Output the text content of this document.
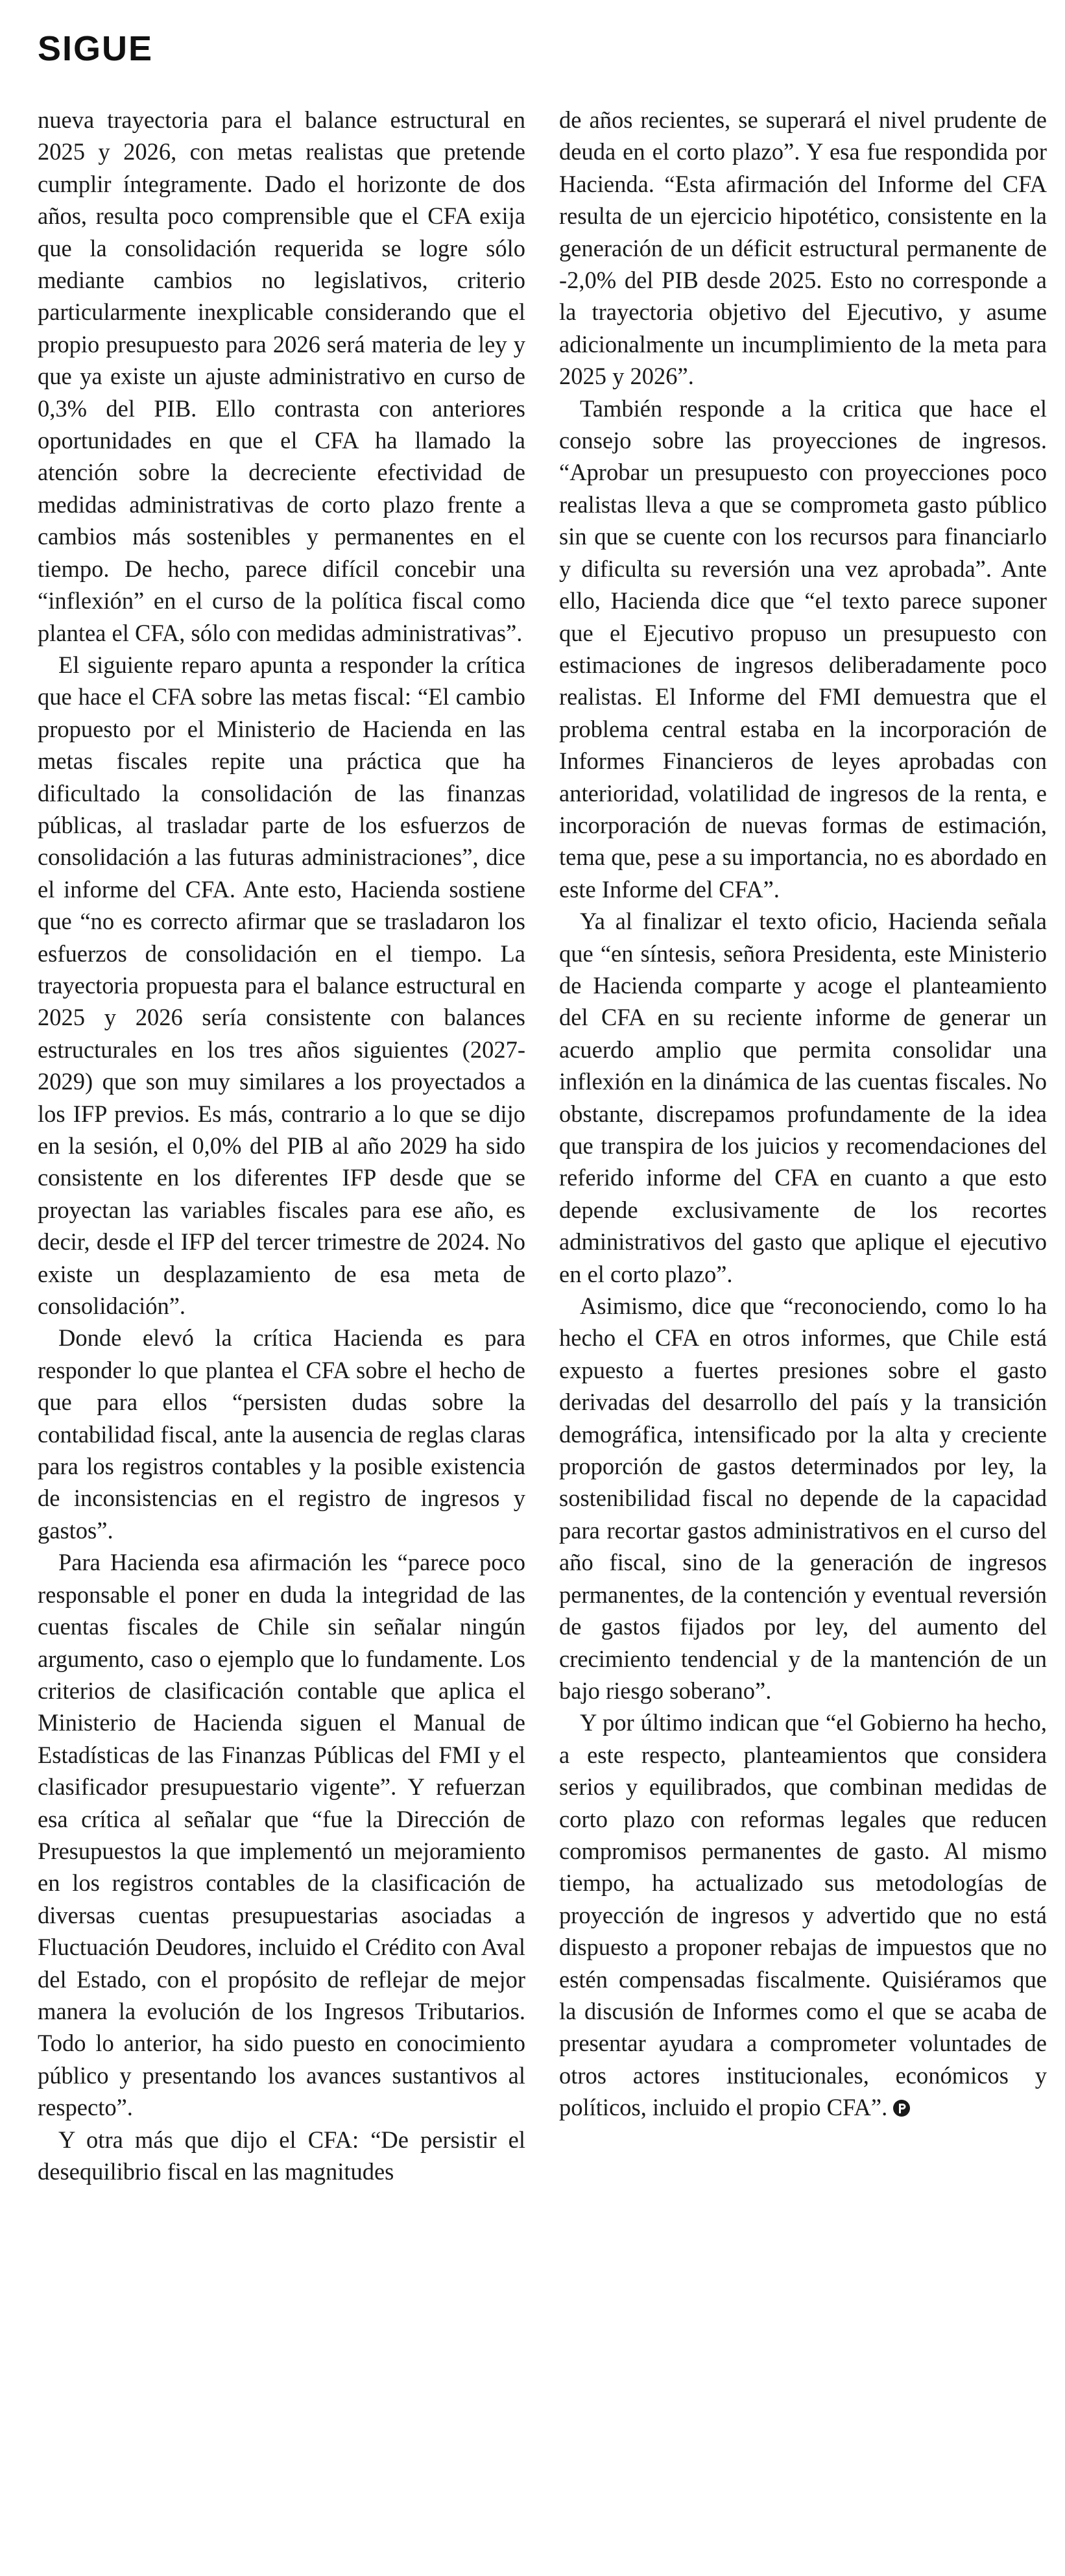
SIGUE

nueva trayectoria para el balance estructural en 2025 y 2026, con metas realistas que pretende cumplir íntegramente. Dado el horizonte de dos años, resulta poco comprensible que el CFA exija que la consolidación requerida se logre sólo mediante cambios no legislativos, criterio particularmente inexplicable considerando que el propio presupuesto para 2026 será materia de ley y que ya existe un ajuste administrativo en curso de 0,3% del PIB. Ello contrasta con anteriores oportunidades en que el CFA ha llamado la atención sobre la decreciente efectividad de medidas administrativas de corto plazo frente a cambios más sostenibles y permanentes en el tiempo. De hecho, parece difícil concebir una “inflexión” en el curso de la política fiscal como plantea el CFA, sólo con medidas administrativas”.

El siguiente reparo apunta a responder la crítica que hace el CFA sobre las metas fiscal: “El cambio propuesto por el Ministerio de Hacienda en las metas fiscales repite una práctica que ha dificultado la consolidación de las finanzas públicas, al trasladar parte de los esfuerzos de consolidación a las futuras administraciones”, dice el informe del CFA. Ante esto, Hacienda sostiene que “no es correcto afirmar que se trasladaron los esfuerzos de consolidación en el tiempo. La trayectoria propuesta para el balance estructural en 2025 y 2026 sería consistente con balances estructurales en los tres años siguientes (2027-2029) que son muy similares a los proyectados a los IFP previos. Es más, contrario a lo que se dijo en la sesión, el 0,0% del PIB al año 2029 ha sido consistente en los diferentes IFP desde que se proyectan las variables fiscales para ese año, es decir, desde el IFP del tercer trimestre de 2024. No existe un desplazamiento de esa meta de consolidación”.

Donde elevó la crítica Hacienda es para responder lo que plantea el CFA sobre el hecho de que para ellos “persisten dudas sobre la contabilidad fiscal, ante la ausencia de reglas claras para los registros contables y la posible existencia de inconsistencias en el registro de ingresos y gastos”.

Para Hacienda esa afirmación les “parece poco responsable el poner en duda la integridad de las cuentas fiscales de Chile sin señalar ningún argumento, caso o ejemplo que lo fundamente. Los criterios de clasificación contable que aplica el Ministerio de Hacienda siguen el Manual de Estadísticas de las Finanzas Públicas del FMI y el clasificador presupuestario vigente”. Y refuerzan esa crítica al señalar que “fue la Dirección de Presupuestos la que implementó un mejoramiento en los registros contables de la clasificación de diversas cuentas presupuestarias asociadas a Fluctuación Deudores, incluido el Crédito con Aval del Estado, con el propósito de reflejar de mejor manera la evolución de los Ingresos Tributarios. Todo lo anterior, ha sido puesto en conocimiento público y presentando los avances sustantivos al respecto”.

Y otra más que dijo el CFA: “De persistir el desequilibrio fiscal en las magnitudes

de años recientes, se superará el nivel prudente de deuda en el corto plazo”. Y esa fue respondida por Hacienda. “Esta afirmación del Informe del CFA resulta de un ejercicio hipotético, consistente en la generación de un déficit estructural permanente de -2,0% del PIB desde 2025. Esto no corresponde a la trayectoria objetivo del Ejecutivo, y asume adicionalmente un incumplimiento de la meta para 2025 y 2026”.

También responde a la critica que hace el consejo sobre las proyecciones de ingresos. “Aprobar un presupuesto con proyecciones poco realistas lleva a que se comprometa gasto público sin que se cuente con los recursos para financiarlo y dificulta su reversión una vez aprobada”. Ante ello, Hacienda dice que “el texto parece suponer que el Ejecutivo propuso un presupuesto con estimaciones de ingresos deliberadamente poco realistas. El Informe del FMI demuestra que el problema central estaba en la incorporación de Informes Financieros de leyes aprobadas con anterioridad, volatilidad de ingresos de la renta, e incorporación de nuevas formas de estimación, tema que, pese a su importancia, no es abordado en este Informe del CFA”.

Ya al finalizar el texto oficio, Hacienda señala que “en síntesis, señora Presidenta, este Ministerio de Hacienda comparte y acoge el planteamiento del CFA en su reciente informe de generar un acuerdo amplio que permita consolidar una inflexión en la dinámica de las cuentas fiscales. No obstante, discrepamos profundamente de la idea que transpira de los juicios y recomendaciones del referido informe del CFA en cuanto a que esto depende exclusivamente de los recortes administrativos del gasto que aplique el ejecutivo en el corto plazo”.

Asimismo, dice que “reconociendo, como lo ha hecho el CFA en otros informes, que Chile está expuesto a fuertes presiones sobre el gasto derivadas del desarrollo del país y la transición demográfica, intensificado por la alta y creciente proporción de gastos determinados por ley, la sostenibilidad fiscal no depende de la capacidad para recortar gastos administrativos en el curso del año fiscal, sino de la generación de ingresos permanentes, de la contención y eventual reversión de gastos fijados por ley, del aumento del crecimiento tendencial y de la mantención de un bajo riesgo soberano”.

Y por último indican que “el Gobierno ha hecho, a este respecto, planteamientos que considera serios y equilibrados, que combinan medidas de corto plazo con reformas legales que reducen compromisos permanentes de gasto. Al mismo tiempo, ha actualizado sus metodologías de proyección de ingresos y advertido que no está dispuesto a proponer rebajas de impuestos que no estén compensadas fiscalmente. Quisiéramos que la discusión de Informes como el que se acaba de presentar ayudara a comprometer voluntades de otros actores institucionales, económicos y políticos, incluido el propio CFA”.
